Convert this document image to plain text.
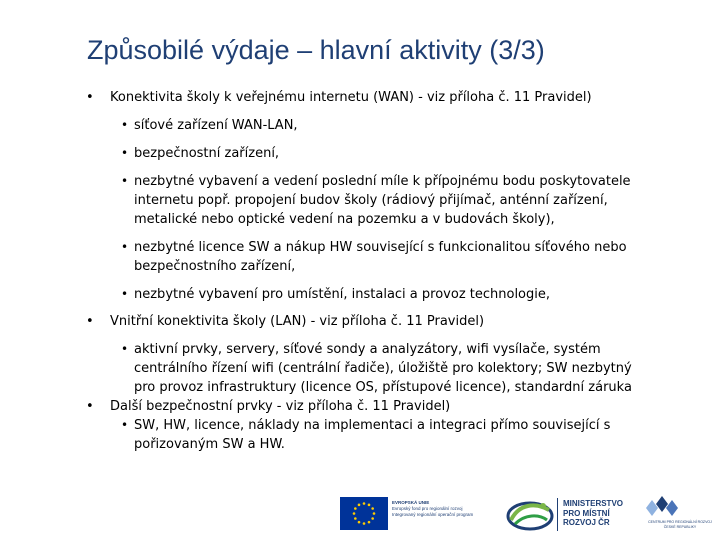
Způsobilé výdaje – hlavní aktivity (3/3)
• Konektivita školy k veřejnému internetu (WAN) - viz příloha č. 11 Pravidel)
• síťové zařízení WAN-LAN,
• bezpečnostní zařízení,
• nezbytné vybavení a vedení poslední míle k přípojnému bodu poskytovatele
internetu popř. propojení budov školy (rádiový přijímač, anténní zařízení,
metalické nebo optické vedení na pozemku a v budovách školy),
• nezbytné licence SW a nákup HW související s funkcionalitou síťového nebo
bezpečnostního zařízení,
• nezbytné vybavení pro umístění, instalaci a provoz technologie,
• Vnitřní konektivita školy (LAN) - viz příloha č. 11 Pravidel)
• aktivní prvky, servery, síťové sondy a analyzátory, wifi vysílače, systém
centrálního řízení wifi (centrální řadiče), úložiště pro kolektory; SW nezbytný
pro provoz infrastruktury (licence OS, přístupové licence), standardní záruka
• Další bezpečnostní prvky - viz příloha č. 11 Pravidel)
• SW, HW, licence, náklady na implementaci a integraci přímo související s
pořizovaným SW a HW.
EVROPSKÁ UNIE
Evropský fond pro regionální rozvoj
Integrovaný regionální operační program
MINISTERSTVO
PRO MÍSTNÍ
ROZVOJ ČR	CENTRUM PRO REGIONÁLNÍ ROZVOJ
ČESKÉ REPUBLIKY
